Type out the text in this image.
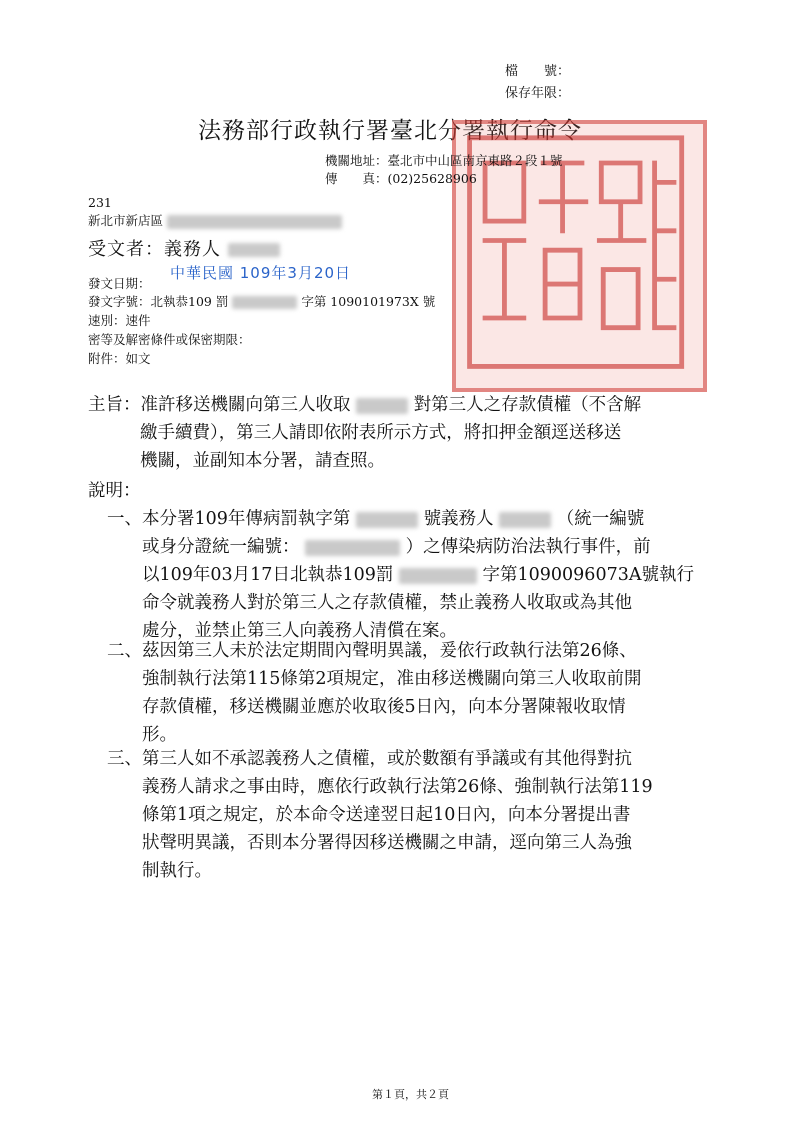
檔　　號：
保存年限：
法務部行政執行署臺北分署執行命令
機關地址：臺北市中山區南京東路２段１號
傳　　真：(02)25628906
231
新北市新店區
受文者：義務人
發文日期：
中華民國 109年3月20日
發文字號：北執恭109 罰	字第 1090101973X 號
速別：速件
密等及解密條件或保密期限：
附件：如文
主旨：准許移送機關向第三人收取	對第三人之存款債權（不含解
繳手續費），第三人請即依附表所示方式，將扣押金額逕送移送
機關，並副知本分署，請查照。
說明：
一、本分署109年傳病罰執字第	號義務人	（統一編號
或身分證統一編號：	）之傳染病防治法執行事件，前
以109年03月17日北執恭109罰	字第1090096073A號執行
命令就義務人對於第三人之存款債權，禁止義務人收取或為其他
處分，並禁止第三人向義務人清償在案。
二、茲因第三人未於法定期間內聲明異議，爰依行政執行法第26條、
強制執行法第115條第2項規定，准由移送機關向第三人收取前開
存款債權，移送機關並應於收取後5日內，向本分署陳報收取情
形。
三、第三人如不承認義務人之債權，或於數額有爭議或有其他得對抗
義務人請求之事由時，應依行政執行法第26條、強制執行法第119
條第1項之規定，於本命令送達翌日起10日內，向本分署提出書
狀聲明異議，否則本分署得因移送機關之申請，逕向第三人為強
制執行。
第１頁，共２頁
